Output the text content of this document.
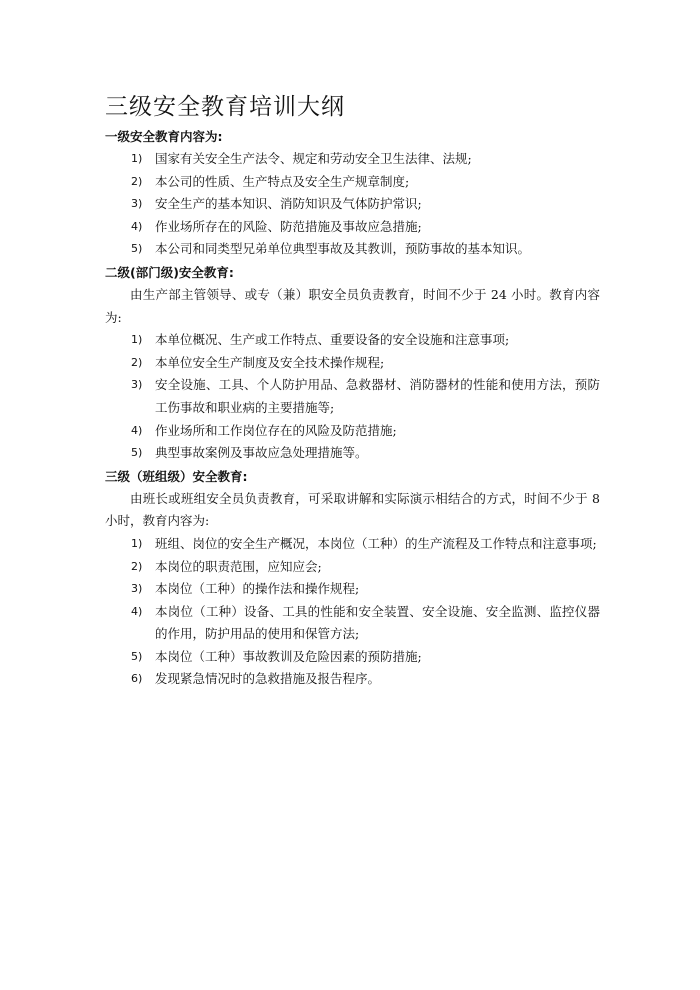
三级安全教育培训大纲

一级安全教育内容为:

1)	国家有关安全生产法令、规定和劳动安全卫生法律、法规;
2)	本公司的性质、生产特点及安全生产规章制度;
3)	安全生产的基本知识、消防知识及气体防护常识;
4)	作业场所存在的风险、防范措施及事故应急措施;
5)	本公司和同类型兄弟单位典型事故及其教训，预防事故的基本知识。

二级(部门级)安全教育:

由生产部主管领导、或专（兼）职安全员负责教育，时间不少于 24 小时。教育内容为:

1)	本单位概况、生产或工作特点、重要设备的安全设施和注意事项;
2)	本单位安全生产制度及安全技术操作规程;
3)	安全设施、工具、个人防护用品、急救器材、消防器材的性能和使用方法，预防工伤事故和职业病的主要措施等;
4)	作业场所和工作岗位存在的风险及防范措施;
5)	典型事故案例及事故应急处理措施等。

三级（班组级）安全教育:

由班长或班组安全员负责教育，可采取讲解和实际演示相结合的方式，时间不少于 8 小时，教育内容为:

1)	班组、岗位的安全生产概况，本岗位（工种）的生产流程及工作特点和注意事项;
2)	本岗位的职责范围，应知应会;
3)	本岗位（工种）的操作法和操作规程;
4)	本岗位（工种）设备、工具的性能和安全装置、安全设施、安全监测、监控仪器的作用，防护用品的使用和保管方法;
5)	本岗位（工种）事故教训及危险因素的预防措施;
6)	发现紧急情况时的急救措施及报告程序。
